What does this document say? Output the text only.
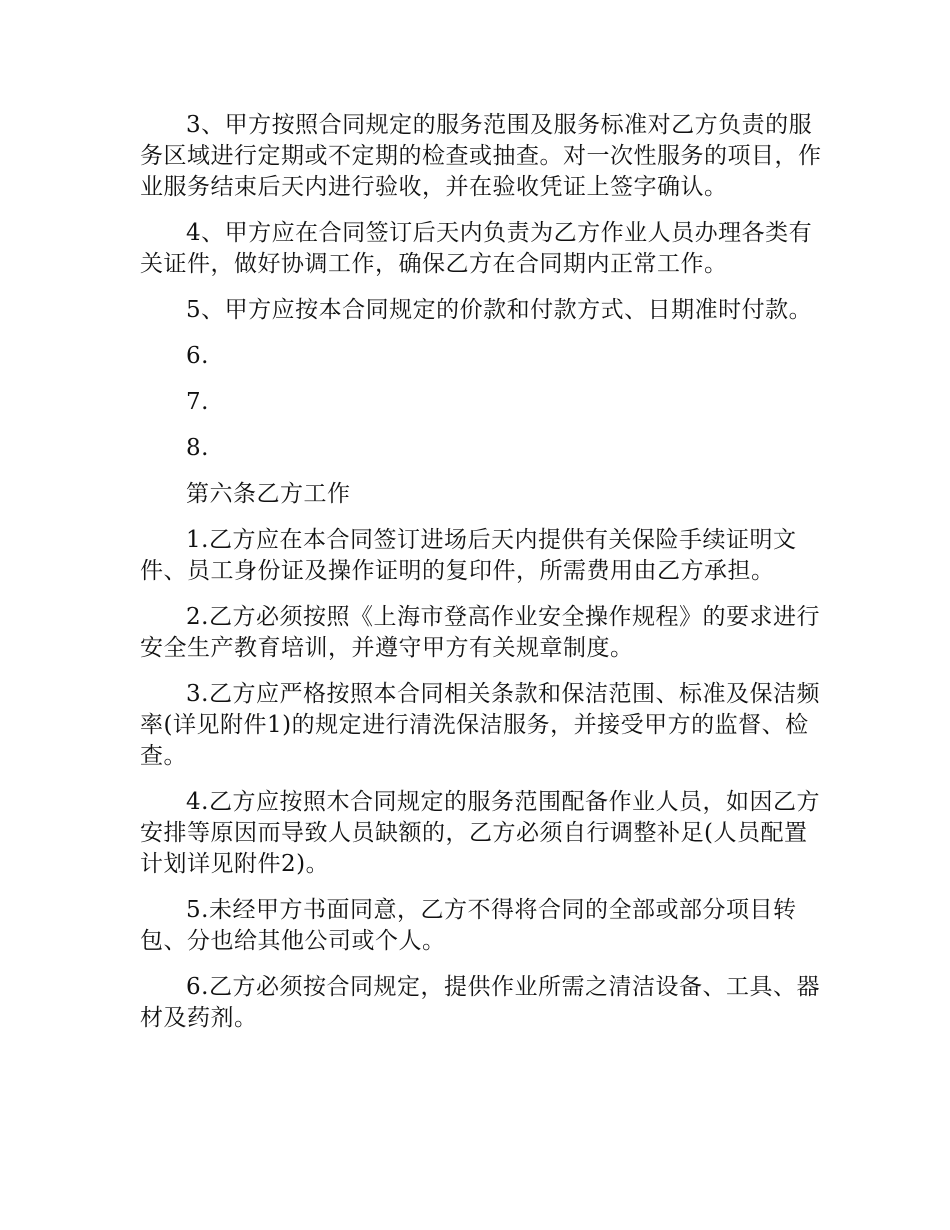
3、甲方按照合同规定的服务范围及服务标准对乙方负责的服务区域进行定期或不定期的检查或抽查。对一次性服务的项目，作业服务结束后天内进行验收，并在验收凭证上签字确认。

4、甲方应在合同签订后天内负责为乙方作业人员办理各类有关证件，做好协调工作，确保乙方在合同期内正常工作。

5、甲方应按本合同规定的价款和付款方式、日期准时付款。

6.

7.

8.

第六条乙方工作

1.乙方应在本合同签订进场后天内提供有关保险手续证明文件、员工身份证及操作证明的复印件，所需费用由乙方承担。

2.乙方必须按照《上海市登高作业安全操作规程》的要求进行安全生产教育培训，并遵守甲方有关规章制度。

3.乙方应严格按照本合同相关条款和保洁范围、标准及保洁频率(详见附件1)的规定进行清洗保洁服务，并接受甲方的监督、检查。

4.乙方应按照木合同规定的服务范围配备作业人员，如因乙方安排等原因而导致人员缺额的，乙方必须自行调整补足(人员配置计划详见附件2)。

5.未经甲方书面同意，乙方不得将合同的全部或部分项目转包、分也给其他公司或个人。

6.乙方必须按合同规定，提供作业所需之清洁设备、工具、器材及药剂。
